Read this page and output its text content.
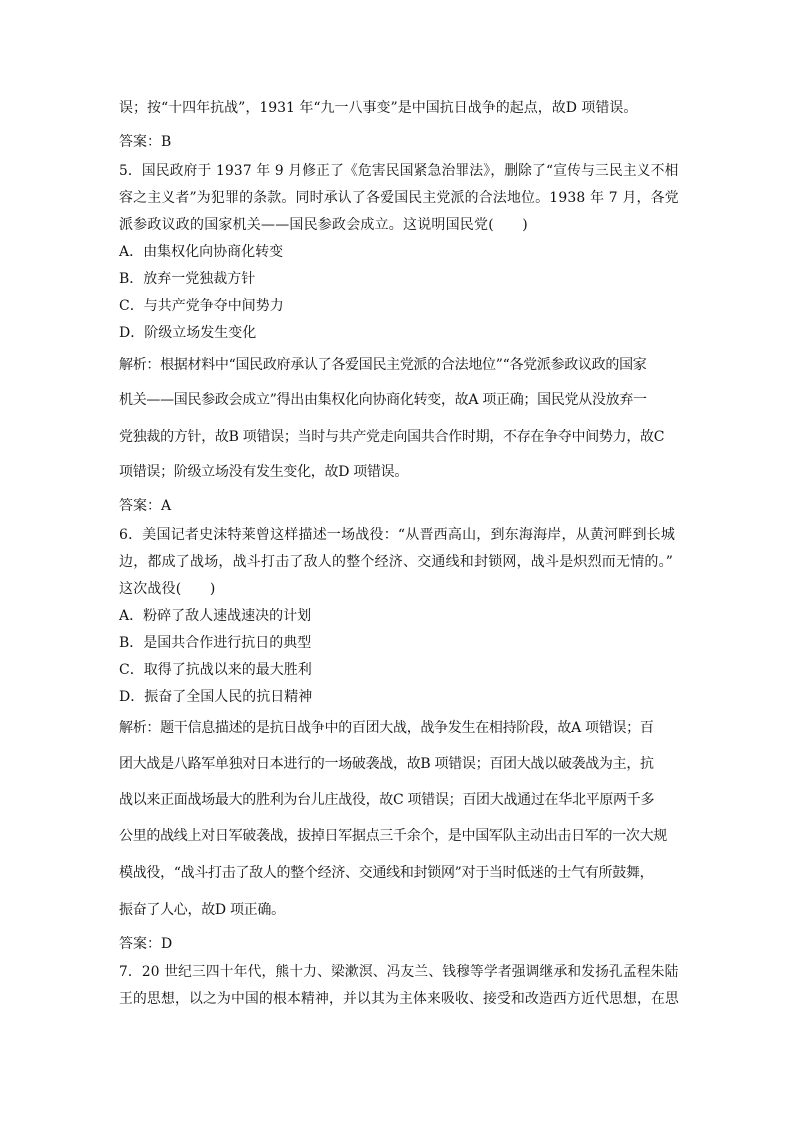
误；按“十四年抗战”，1931 年“九一八事变”是中国抗日战争的起点，故D 项错误。
答案：B
5．国民政府于 1937 年 9 月修正了《危害民国紧急治罪法》，删除了“宣传与三民主义不相
容之主义者”为犯罪的条款。同时承认了各爱国民主党派的合法地位。1938 年 7 月，各党
派参政议政的国家机关——国民参政会成立。这说明国民党(　　)
A．由集权化向协商化转变
B．放弃一党独裁方针
C．与共产党争夺中间势力
D．阶级立场发生变化
解析：根据材料中“国民政府承认了各爱国民主党派的合法地位”“各党派参政议政的国家
机关——国民参政会成立”得出由集权化向协商化转变，故A 项正确；国民党从没放弃一
党独裁的方针，故B 项错误；当时与共产党走向国共合作时期，不存在争夺中间势力，故C
项错误；阶级立场没有发生变化，故D 项错误。
答案：A
6．美国记者史沫特莱曾这样描述一场战役：“从晋西高山，到东海海岸，从黄河畔到长城
边，都成了战场，战斗打击了敌人的整个经济、交通线和封锁网，战斗是炽烈而无情的。”
这次战役(　　)
A．粉碎了敌人速战速决的计划
B．是国共合作进行抗日的典型
C．取得了抗战以来的最大胜利
D．振奋了全国人民的抗日精神
解析：题干信息描述的是抗日战争中的百团大战，战争发生在相持阶段，故A 项错误；百
团大战是八路军单独对日本进行的一场破袭战，故B 项错误；百团大战以破袭战为主，抗
战以来正面战场最大的胜利为台儿庄战役，故C 项错误；百团大战通过在华北平原两千多
公里的战线上对日军破袭战，拔掉日军据点三千余个，是中国军队主动出击日军的一次大规
模战役，“战斗打击了敌人的整个经济、交通线和封锁网”对于当时低迷的士气有所鼓舞，
振奋了人心，故D 项正确。
答案：D
7．20 世纪三四十年代，熊十力、梁漱溟、冯友兰、钱穆等学者强调继承和发扬孔孟程朱陆
王的思想，以之为中国的根本精神，并以其为主体来吸收、接受和改造西方近代思想，在思
